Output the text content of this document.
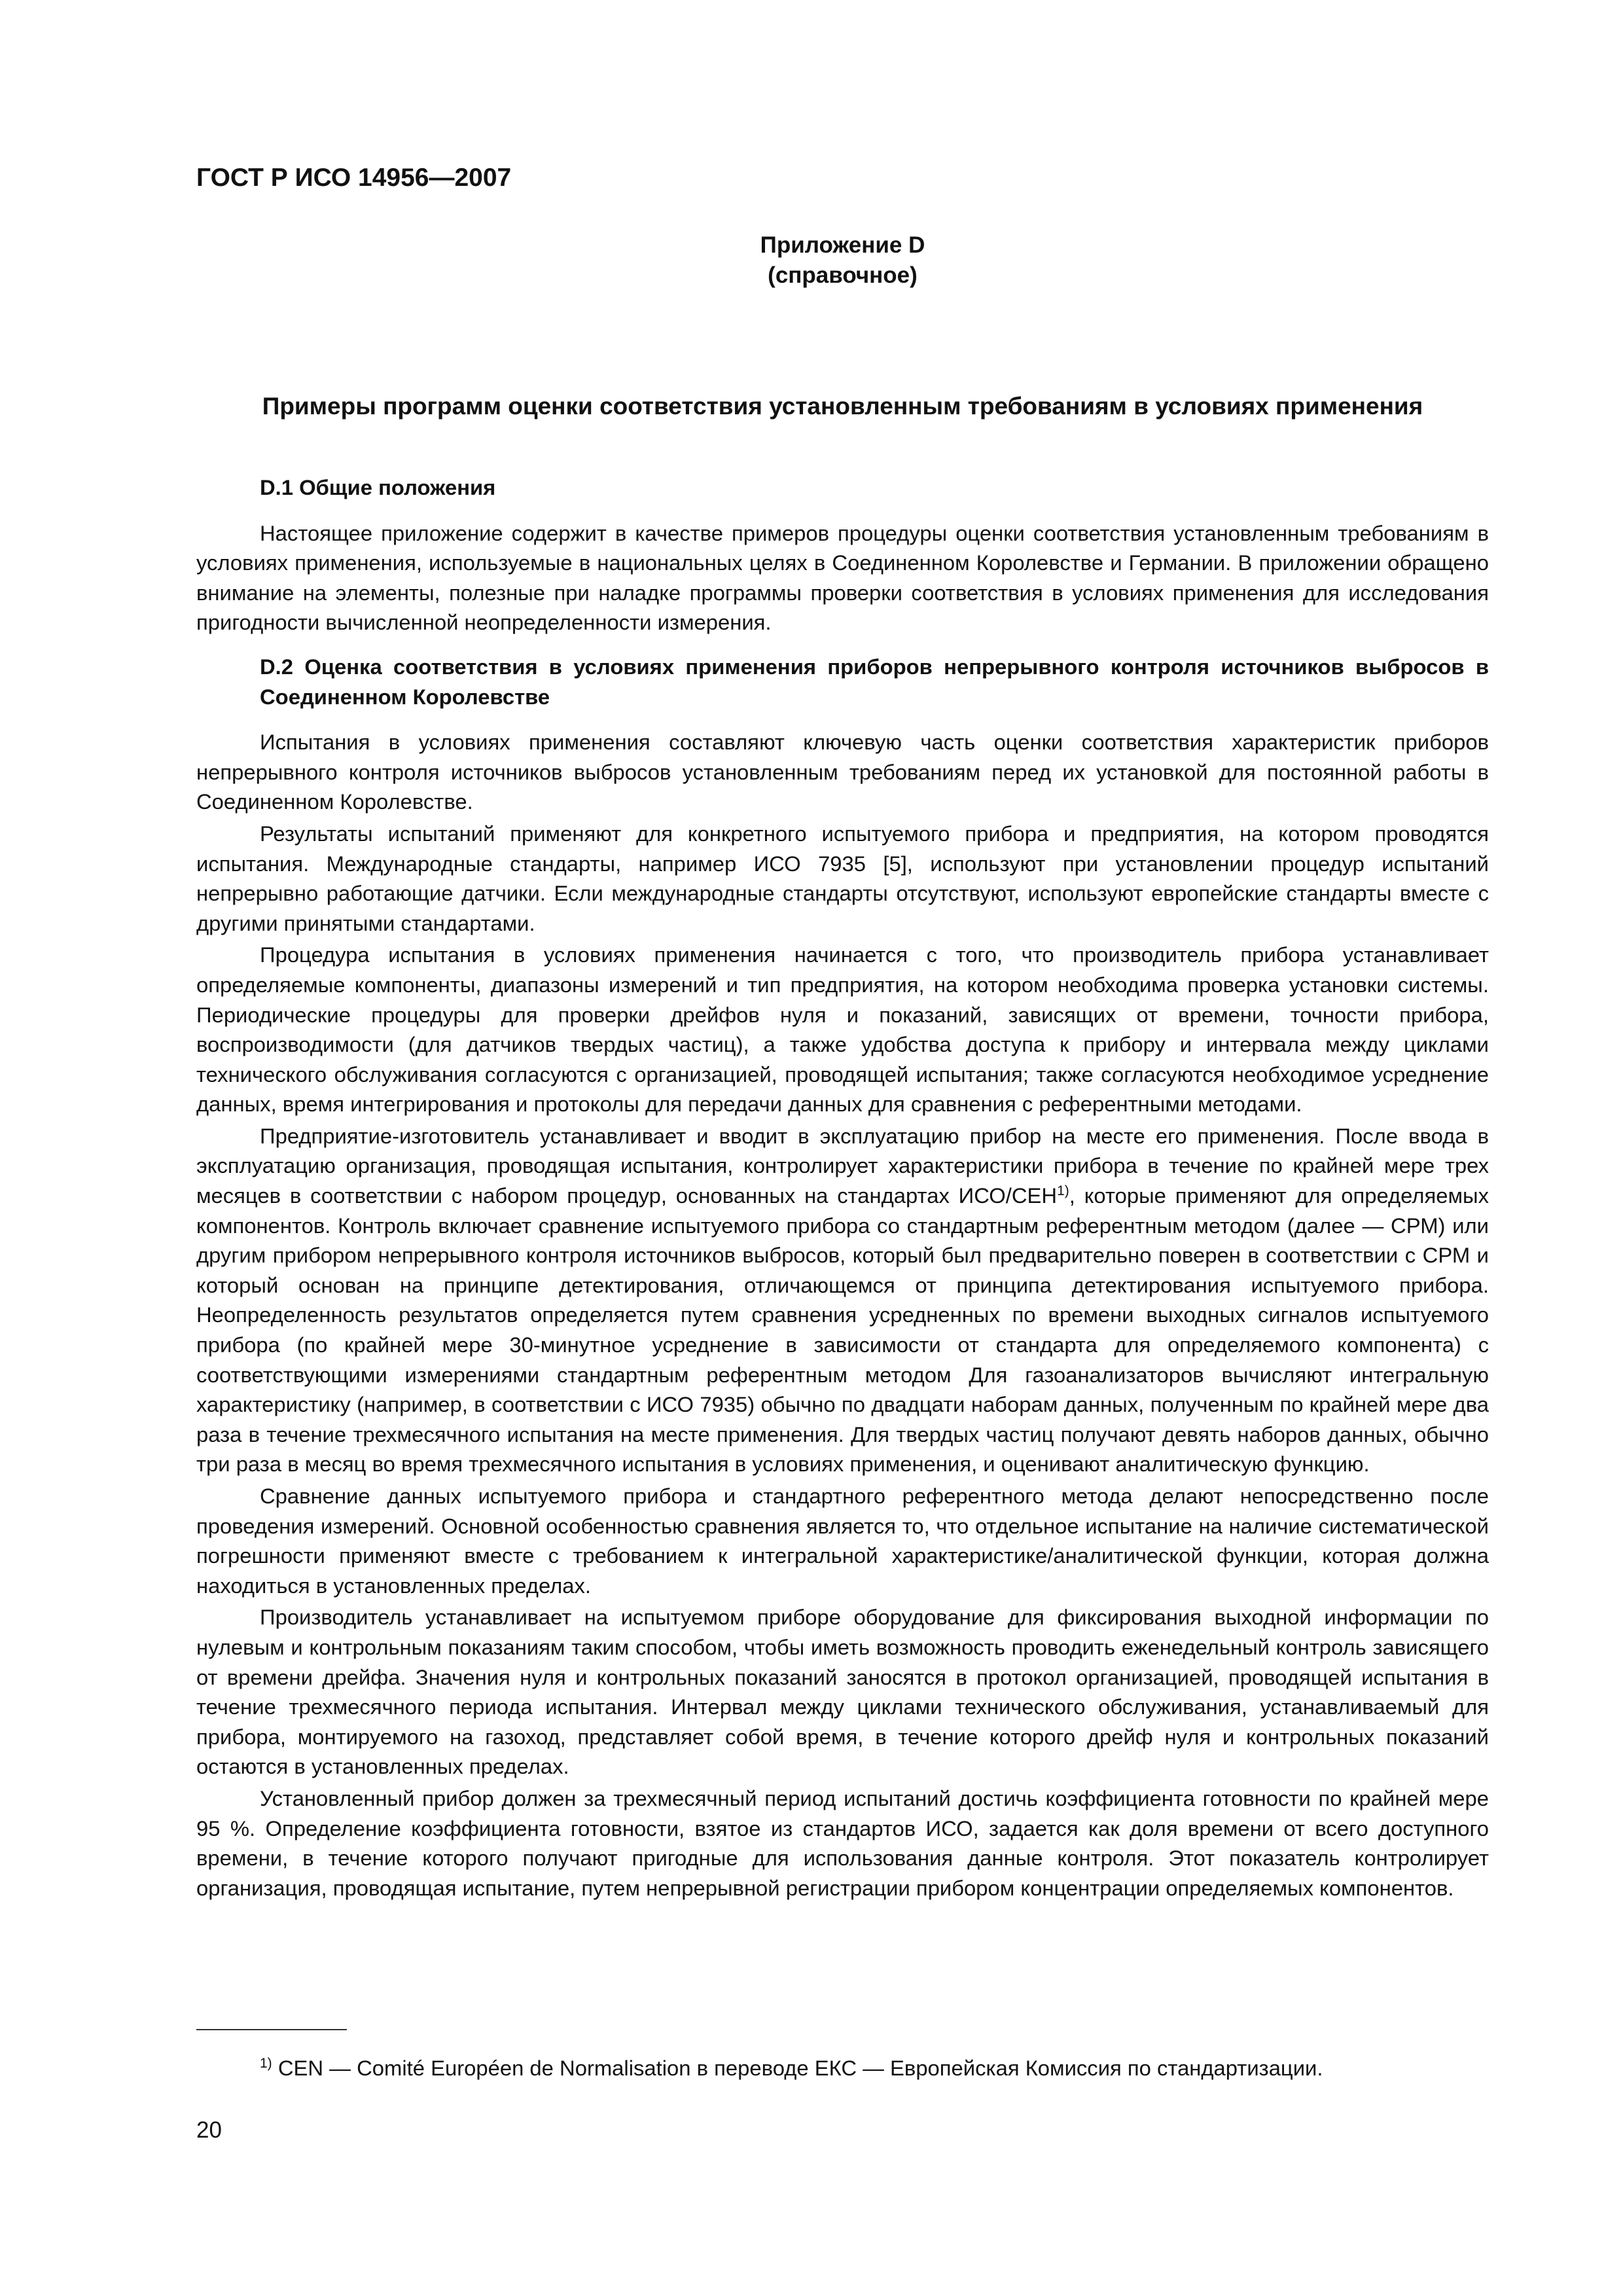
ГОСТ Р ИСО 14956—2007
Приложение D
(справочное)
Примеры программ оценки соответствия установленным требованиям в условиях применения

D.1 Общие положения

Настоящее приложение содержит в качестве примеров процедуры оценки соответствия установленным требованиям в условиях применения, используемые в национальных целях в Соединенном Королевстве и Германии. В приложении обращено внимание на элементы, полезные при наладке программы проверки соответствия в условиях применения для исследования пригодности вычисленной неопределенности измерения.

D.2 Оценка соответствия в условиях применения приборов непрерывного контроля источников выбросов в Соединенном Королевстве

Испытания в условиях применения составляют ключевую часть оценки соответствия характеристик приборов непрерывного контроля источников выбросов установленным требованиям перед их установкой для постоянной работы в Соединенном Королевстве.

Результаты испытаний применяют для конкретного испытуемого прибора и предприятия, на котором проводятся испытания. Международные стандарты, например ИСО 7935 [5], используют при установлении процедур испытаний непрерывно работающие датчики. Если международные стандарты отсутствуют, используют европейские стандарты вместе с другими принятыми стандартами.

Процедура испытания в условиях применения начинается с того, что производитель прибора устанавливает определяемые компоненты, диапазоны измерений и тип предприятия, на котором необходима проверка установки системы. Периодические процедуры для проверки дрейфов нуля и показаний, зависящих от времени, точности прибора, воспроизводимости (для датчиков твердых частиц), а также удобства доступа к прибору и интервала между циклами технического обслуживания согласуются с организацией, проводящей испытания; также согласуются необходимое усреднение данных, время интегрирования и протоколы для передачи данных для сравнения с референтными методами.

Предприятие-изготовитель устанавливает и вводит в эксплуатацию прибор на месте его применения. После ввода в эксплуатацию организация, проводящая испытания, контролирует характеристики прибора в течение по крайней мере трех месяцев в соответствии с набором процедур, основанных на стандартах ИСО/СЕН$^{1)}$, которые применяют для определяемых компонентов. Контроль включает сравнение испытуемого прибора со стандартным референтным методом (далее — СРМ) или другим прибором непрерывного контроля источников выбросов, который был предварительно поверен в соответствии с СРМ и который основан на принципе детектирования, отличающемся от принципа детектирования испытуемого прибора. Неопределенность результатов определяется путем сравнения усредненных по времени выходных сигналов испытуемого прибора (по крайней мере 30-минутное усреднение в зависимости от стандарта для определяемого компонента) с соответствующими измерениями стандартным референтным методом Для газоанализаторов вычисляют интегральную характеристику (например, в соответствии с ИСО 7935) обычно по двадцати наборам данных, полученным по крайней мере два раза в течение трехмесячного испытания на месте применения. Для твердых частиц получают девять наборов данных, обычно три раза в месяц во время трехмесячного испытания в условиях применения, и оценивают аналитическую функцию.

Сравнение данных испытуемого прибора и стандартного референтного метода делают непосредственно после проведения измерений. Основной особенностью сравнения является то, что отдельное испытание на наличие систематической погрешности применяют вместе с требованием к интегральной характеристике/аналитической функции, которая должна находиться в установленных пределах.

Производитель устанавливает на испытуемом приборе оборудование для фиксирования выходной информации по нулевым и контрольным показаниям таким способом, чтобы иметь возможность проводить еженедельный контроль зависящего от времени дрейфа. Значения нуля и контрольных показаний заносятся в протокол организацией, проводящей испытания в течение трехмесячного периода испытания. Интервал между циклами технического обслуживания, устанавливаемый для прибора, монтируемого на газоход, представляет собой время, в течение которого дрейф нуля и контрольных показаний остаются в установленных пределах.

Установленный прибор должен за трехмесячный период испытаний достичь коэффициента готовности по крайней мере 95 %. Определение коэффициента готовности, взятое из стандартов ИСО, задается как доля времени от всего доступного времени, в течение которого получают пригодные для использования данные контроля. Этот показатель контролирует организация, проводящая испытание, путем непрерывной регистрации прибором концентрации определяемых компонентов.

$^{1)}$ CEN — Comité Européen de Normalisation в переводе ЕКС — Европейская Комиссия по стандартизации.
20
